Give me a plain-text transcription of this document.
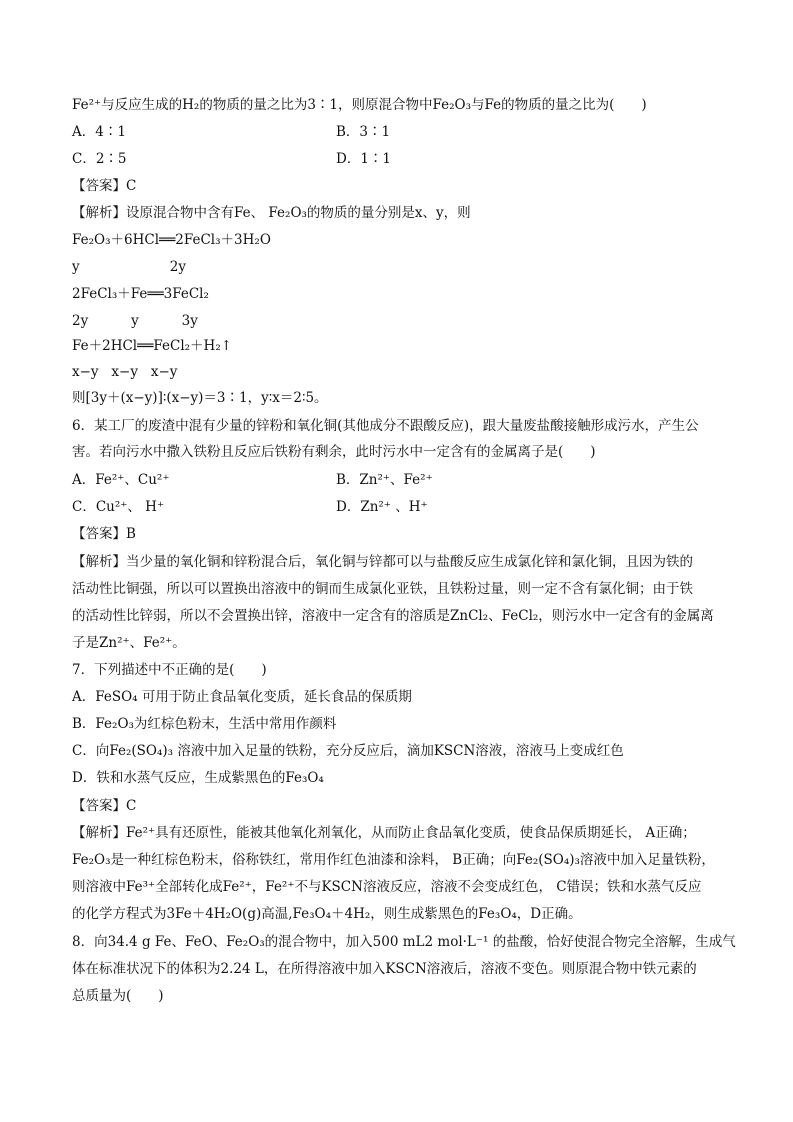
Fe²⁺与反应生成的H₂的物质的量之比为3∶1，则原混合物中Fe₂O₃与Fe的物质的量之比为(　　)
A．4∶1	B．3∶1
C．2∶5	D．1∶1
【答案】C
【解析】设原混合物中含有Fe、 Fe₂O₃的物质的量分别是x、y，则
Fe₂O₃＋6HCl══2FeCl₃＋3H₂O
y                     2y
2FeCl₃＋Fe══3FeCl₂
2y          y          3y
Fe＋2HCl══FeCl₂＋H₂↑
x−y   x−y   x−y
则[3y＋(x−y)]∶(x−y)＝3∶1，y∶x＝2∶5。
6．某工厂的废渣中混有少量的锌粉和氧化铜(其他成分不跟酸反应)，跟大量废盐酸接触形成污水，产生公
害。若向污水中撒入铁粉且反应后铁粉有剩余，此时污水中一定含有的金属离子是(　　)
A．Fe²⁺、Cu²⁺	B．Zn²⁺、Fe²⁺
C．Cu²⁺、 H⁺	D．Zn²⁺ 、H⁺
【答案】B
【解析】当少量的氧化铜和锌粉混合后，氧化铜与锌都可以与盐酸反应生成氯化锌和氯化铜，且因为铁的
活动性比铜强，所以可以置换出溶液中的铜而生成氯化亚铁，且铁粉过量，则一定不含有氯化铜；由于铁
的活动性比锌弱，所以不会置换出锌，溶液中一定含有的溶质是ZnCl₂、FeCl₂，则污水中一定含有的金属离
子是Zn²⁺、Fe²⁺。
7．下列描述中不正确的是(　　)
A．FeSO₄ 可用于防止食品氧化变质，延长食品的保质期
B．Fe₂O₃为红棕色粉末，生活中常用作颜料
C．向Fe₂(SO₄)₃ 溶液中加入足量的铁粉，充分反应后，滴加KSCN溶液，溶液马上变成红色
D．铁和水蒸气反应，生成紫黑色的Fe₃O₄
【答案】C
【解析】Fe²⁺具有还原性，能被其他氧化剂氧化，从而防止食品氧化变质，使食品保质期延长， A正确；
Fe₂O₃是一种红棕色粉末，俗称铁红，常用作红色油漆和涂料， B正确；向Fe₂(SO₄)₃溶液中加入足量铁粉，
则溶液中Fe³⁺全部转化成Fe²⁺，Fe²⁺不与KSCN溶液反应，溶液不会变成红色， C错误；铁和水蒸气反应
的化学方程式为3Fe＋4H₂O(g)高温,Fe₃O₄＋4H₂，则生成紫黑色的Fe₃O₄，D正确。
8．向34.4 g Fe、FeO、Fe₂O₃的混合物中，加入500 mL2 mol·L⁻¹ 的盐酸，恰好使混合物完全溶解，生成气
体在标准状况下的体积为2.24 L，在所得溶液中加入KSCN溶液后，溶液不变色。则原混合物中铁元素的
总质量为(　　)
